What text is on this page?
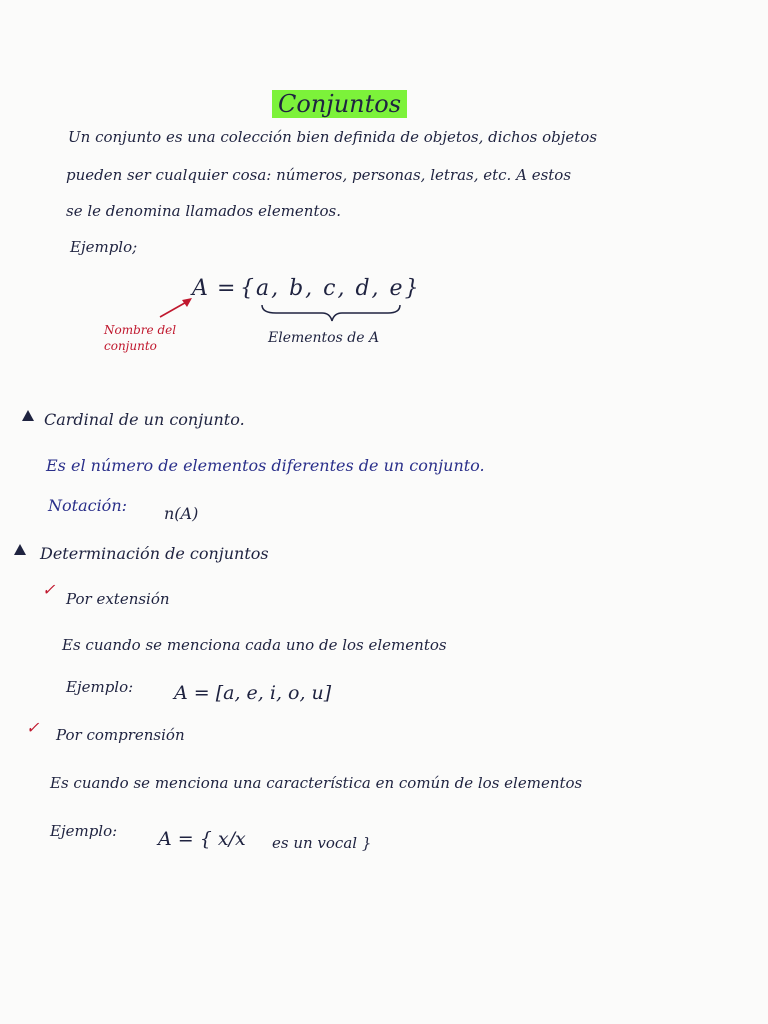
Conjuntos
Un conjunto es una colección bien definida de objetos, dichos objetos
pueden ser cualquier cosa: números, personas, letras, etc. A estos
se le denomina llamados elementos.
Ejemplo;
A = {a, b, c, d, e}
Nombre del conjunto	Elementos de A
Cardinal de un conjunto.
Es el número de elementos diferentes de un conjunto.
Notación: n(A)
Determinación de conjuntos
✓ Por extensión
Es cuando se menciona cada uno de los elementos
Ejemplo: A = [a, e, i, o, u]
✓ Por comprensión
Es cuando se menciona una característica en común de los elementos
Ejemplo: A = { x/x es un vocal }
